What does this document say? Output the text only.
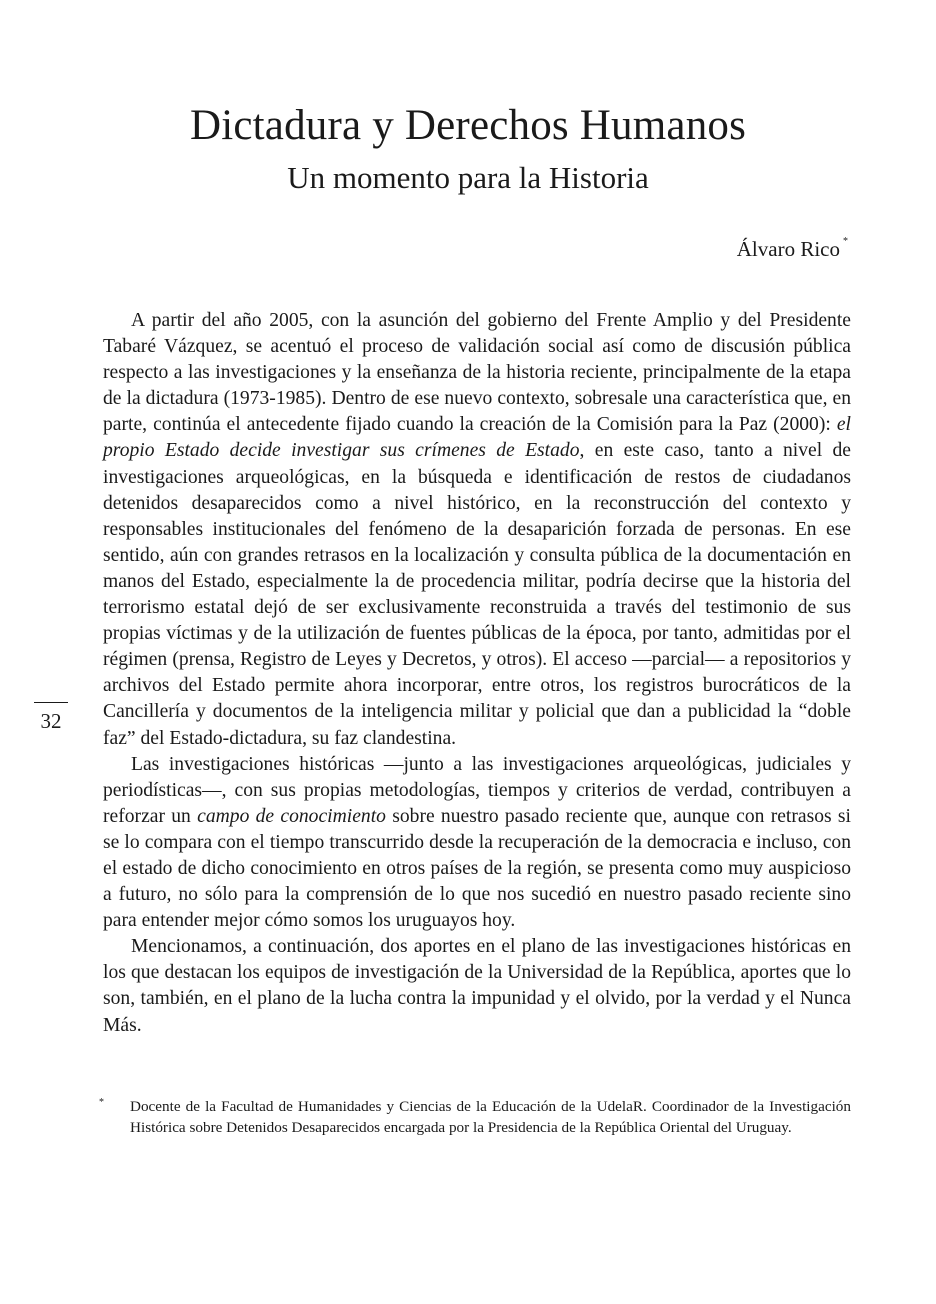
Dictadura y Derechos Humanos
Un momento para la Historia
Álvaro Rico *

A partir del año 2005, con la asunción del gobierno del Frente Amplio y del Presidente Tabaré Vázquez, se acentuó el proceso de validación social así como de discusión pública respecto a las investigaciones y la enseñanza de la historia reciente, principalmente de la etapa de la dictadura (1973-1985). Dentro de ese nuevo contexto, sobresale una característica que, en parte, continúa el antecedente fijado cuando la creación de la Comisión para la Paz (2000): el propio Estado decide investigar sus crímenes de Estado, en este caso, tanto a nivel de investigaciones arqueológicas, en la búsqueda e identificación de restos de ciudadanos detenidos desaparecidos como a nivel histórico, en la reconstrucción del contexto y responsables institucionales del fenómeno de la desaparición forzada de personas. En ese sentido, aún con grandes retrasos en la localización y consulta pública de la documentación en manos del Estado, especialmente la de procedencia militar, podría decirse que la historia del terrorismo estatal dejó de ser exclusivamente reconstruida a través del testimonio de sus propias víctimas y de la utilización de fuentes públicas de la época, por tanto, admitidas por el régimen (prensa, Registro de Leyes y Decretos, y otros). El acceso —parcial— a repositorios y archivos del Estado permite ahora incorporar, entre otros, los registros burocráticos de la Cancillería y documentos de la inteligencia militar y policial que dan a publicidad la “doble faz” del Estado-dictadura, su faz clandestina.

Las investigaciones históricas —junto a las investigaciones arqueológicas, judiciales y periodísticas—, con sus propias metodologías, tiempos y criterios de verdad, contribuyen a reforzar un campo de conocimiento sobre nuestro pasado reciente que, aunque con retrasos si se lo compara con el tiempo transcurrido desde la recuperación de la democracia e incluso, con el estado de dicho conocimiento en otros países de la región, se presenta como muy auspicioso a futuro, no sólo para la comprensión de lo que nos sucedió en nuestro pasado reciente sino para entender mejor cómo somos los uruguayos hoy.

Mencionamos, a continuación, dos aportes en el plano de las investigaciones históricas en los que destacan los equipos de investigación de la Universidad de la República, aportes que lo son, también, en el plano de la lucha contra la impunidad y el olvido, por la verdad y el Nunca Más.

32
* Docente de la Facultad de Humanidades y Ciencias de la Educación de la UdelaR. Coordinador de la Investigación Histórica sobre Detenidos Desaparecidos encargada por la Presidencia de la República Oriental del Uruguay.
